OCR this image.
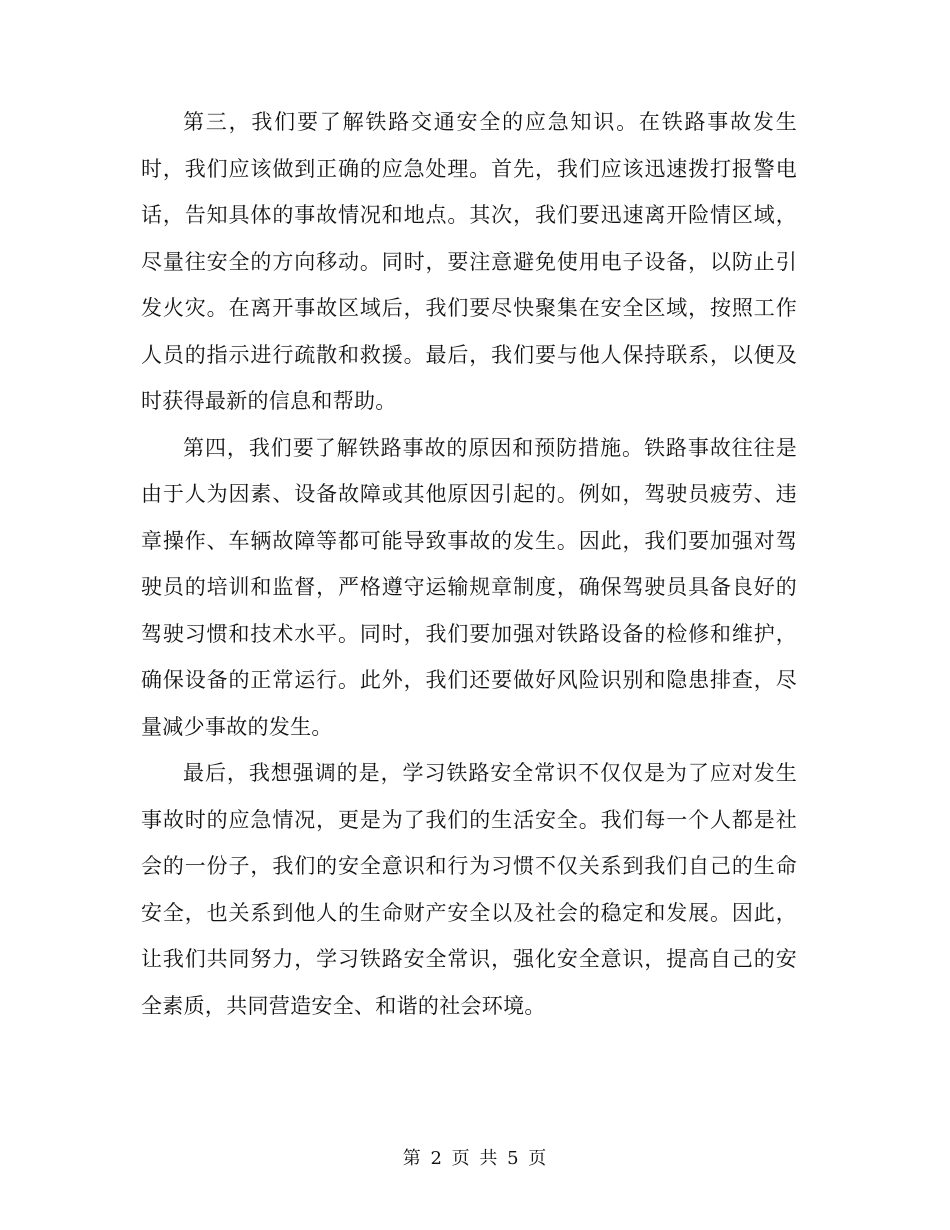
第三，我们要了解铁路交通安全的应急知识。在铁路事故发生时，我们应该做到正确的应急处理。首先，我们应该迅速拨打报警电话，告知具体的事故情况和地点。其次，我们要迅速离开险情区域，尽量往安全的方向移动。同时，要注意避免使用电子设备，以防止引发火灾。在离开事故区域后，我们要尽快聚集在安全区域，按照工作人员的指示进行疏散和救援。最后，我们要与他人保持联系，以便及时获得最新的信息和帮助。

第四，我们要了解铁路事故的原因和预防措施。铁路事故往往是由于人为因素、设备故障或其他原因引起的。例如，驾驶员疲劳、违章操作、车辆故障等都可能导致事故的发生。因此，我们要加强对驾驶员的培训和监督，严格遵守运输规章制度，确保驾驶员具备良好的驾驶习惯和技术水平。同时，我们要加强对铁路设备的检修和维护，确保设备的正常运行。此外，我们还要做好风险识别和隐患排查，尽量减少事故的发生。

最后，我想强调的是，学习铁路安全常识不仅仅是为了应对发生事故时的应急情况，更是为了我们的生活安全。我们每一个人都是社会的一份子，我们的安全意识和行为习惯不仅关系到我们自己的生命安全，也关系到他人的生命财产安全以及社会的稳定和发展。因此，让我们共同努力，学习铁路安全常识，强化安全意识，提高自己的安全素质，共同营造安全、和谐的社会环境。

第 2 页 共 5 页
